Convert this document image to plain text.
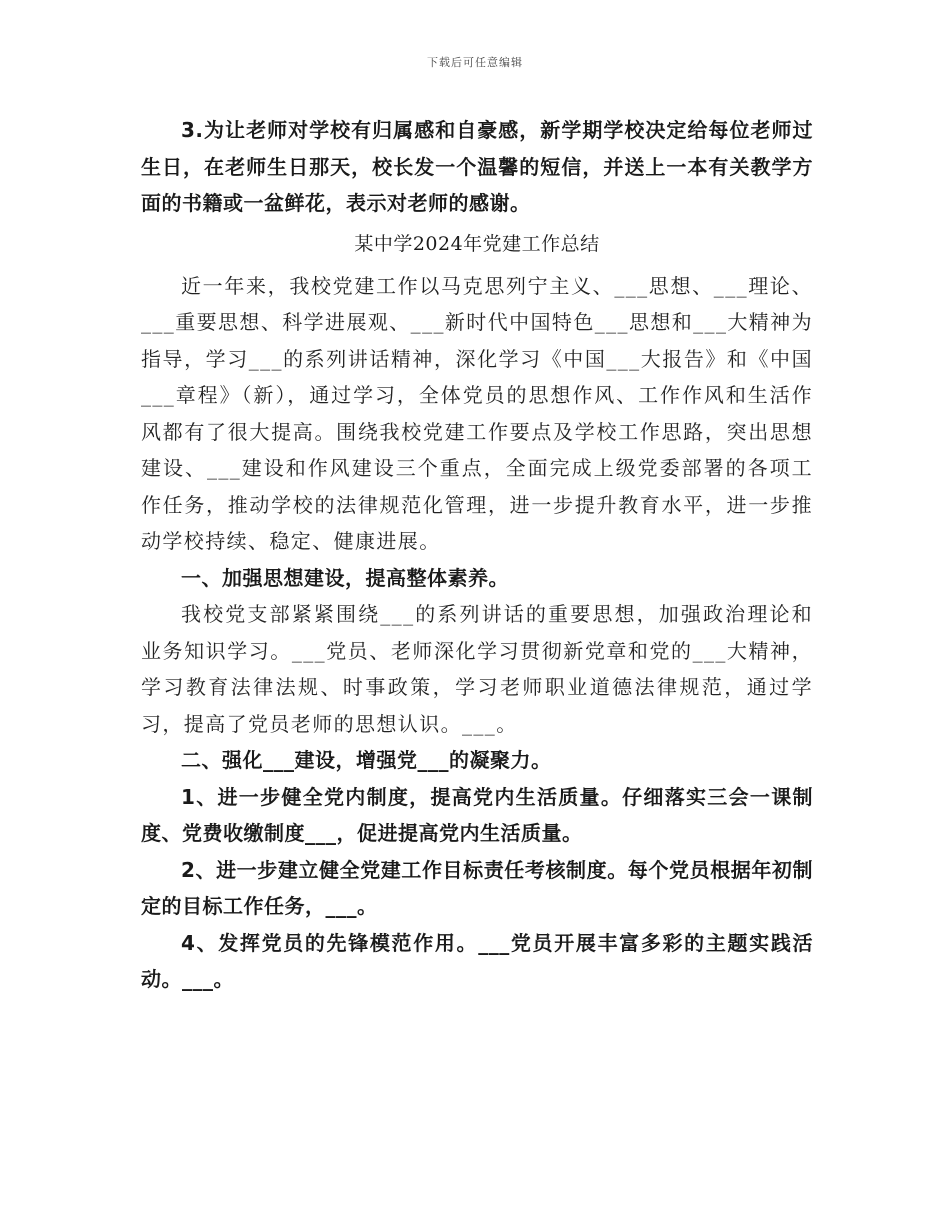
下载后可任意编辑

3.为让老师对学校有归属感和自豪感，新学期学校决定给每位老师过生日，在老师生日那天，校长发一个温馨的短信，并送上一本有关教学方面的书籍或一盆鲜花，表示对老师的感谢。

某中学2024年党建工作总结

近一年来，我校党建工作以马克思列宁主义、___思想、___理论、___重要思想、科学进展观、___新时代中国特色___思想和___大精神为指导，学习___的系列讲话精神，深化学习《中国___大报告》和《中国___章程》（新），通过学习，全体党员的思想作风、工作作风和生活作风都有了很大提高。围绕我校党建工作要点及学校工作思路，突出思想建设、___建设和作风建设三个重点，全面完成上级党委部署的各项工作任务，推动学校的法律规范化管理，进一步提升教育水平，进一步推动学校持续、稳定、健康进展。

一、加强思想建设，提高整体素养。

我校党支部紧紧围绕___的系列讲话的重要思想，加强政治理论和业务知识学习。___党员、老师深化学习贯彻新党章和党的___大精神，学习教育法律法规、时事政策，学习老师职业道德法律规范，通过学习，提高了党员老师的思想认识。___。

二、强化___建设，增强党___的凝聚力。

1、进一步健全党内制度，提高党内生活质量。仔细落实三会一课制度、党费收缴制度___，促进提高党内生活质量。

2、进一步建立健全党建工作目标责任考核制度。每个党员根据年初制定的目标工作任务，___。

4、发挥党员的先锋模范作用。___党员开展丰富多彩的主题实践活动。___。
